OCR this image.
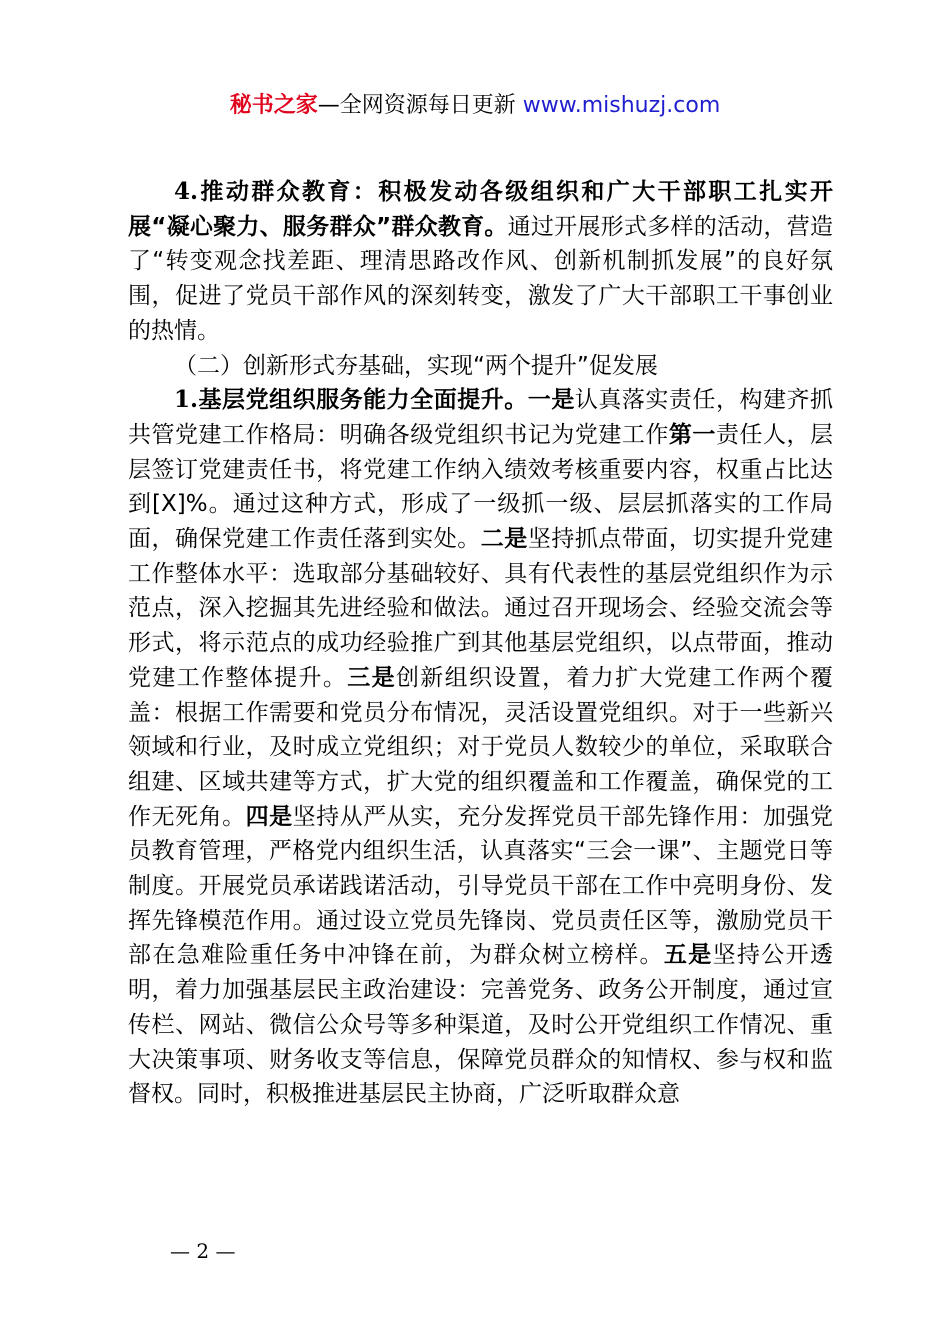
秘书之家—全网资源每日更新 www.mishuzj.com

4.推动群众教育：积极发动各级组织和广大干部职工扎实开展“凝心聚力、服务群众”群众教育。通过开展形式多样的活动，营造了“转变观念找差距、理清思路改作风、创新机制抓发展”的良好氛围，促进了党员干部作风的深刻转变，激发了广大干部职工干事创业的热情。

（二）创新形式夯基础，实现“两个提升”促发展

1.基层党组织服务能力全面提升。一是认真落实责任，构建齐抓共管党建工作格局：明确各级党组织书记为党建工作第一责任人，层层签订党建责任书，将党建工作纳入绩效考核重要内容，权重占比达到[X]%。通过这种方式，形成了一级抓一级、层层抓落实的工作局面，确保党建工作责任落到实处。二是坚持抓点带面，切实提升党建工作整体水平：选取部分基础较好、具有代表性的基层党组织作为示范点，深入挖掘其先进经验和做法。通过召开现场会、经验交流会等形式，将示范点的成功经验推广到其他基层党组织，以点带面，推动党建工作整体提升。三是创新组织设置，着力扩大党建工作两个覆盖：根据工作需要和党员分布情况，灵活设置党组织。对于一些新兴领域和行业，及时成立党组织；对于党员人数较少的单位，采取联合组建、区域共建等方式，扩大党的组织覆盖和工作覆盖，确保党的工作无死角。四是坚持从严从实，充分发挥党员干部先锋作用：加强党员教育管理，严格党内组织生活，认真落实“三会一课”、主题党日等制度。开展党员承诺践诺活动，引导党员干部在工作中亮明身份、发挥先锋模范作用。通过设立党员先锋岗、党员责任区等，激励党员干部在急难险重任务中冲锋在前，为群众树立榜样。五是坚持公开透明，着力加强基层民主政治建设：完善党务、政务公开制度，通过宣传栏、网站、微信公众号等多种渠道，及时公开党组织工作情况、重大决策事项、财务收支等信息，保障党员群众的知情权、参与权和监督权。同时，积极推进基层民主协商，广泛听取群众意

— 2 —
